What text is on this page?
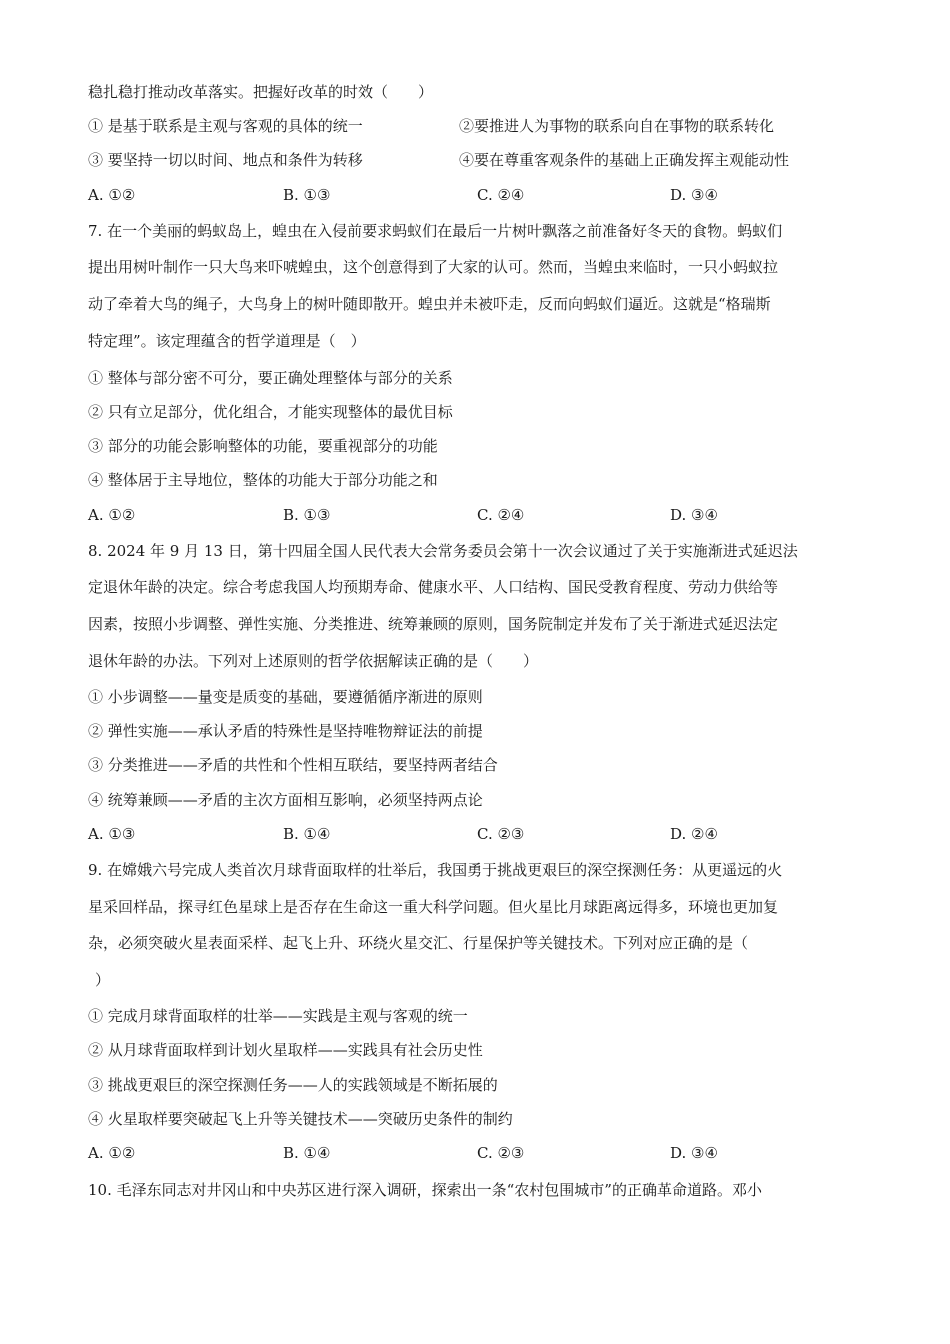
稳扎稳打推动改革落实。把握好改革的时效（　　）
① 是基于联系是主观与客观的具体的统一	②要推进人为事物的联系向自在事物的联系转化
③ 要坚持一切以时间、地点和条件为转移	④要在尊重客观条件的基础上正确发挥主观能动性
A. ①②	B. ①③	C. ②④	D. ③④
7. 在一个美丽的蚂蚁岛上，蝗虫在入侵前要求蚂蚁们在最后一片树叶飘落之前准备好冬天的食物。蚂蚁们
提出用树叶制作一只大鸟来吓唬蝗虫，这个创意得到了大家的认可。然而，当蝗虫来临时，一只小蚂蚁拉
动了牵着大鸟的绳子，大鸟身上的树叶随即散开。蝗虫并未被吓走，反而向蚂蚁们逼近。这就是“格瑞斯
特定理”。该定理蕴含的哲学道理是（　）
① 整体与部分密不可分，要正确处理整体与部分的关系
② 只有立足部分，优化组合，才能实现整体的最优目标
③ 部分的功能会影响整体的功能，要重视部分的功能
④ 整体居于主导地位，整体的功能大于部分功能之和
A. ①②	B. ①③	C. ②④	D. ③④
8. 2024 年 9 月 13 日，第十四届全国人民代表大会常务委员会第十一次会议通过了关于实施渐进式延迟法
定退休年龄的决定。综合考虑我国人均预期寿命、健康水平、人口结构、国民受教育程度、劳动力供给等
因素，按照小步调整、弹性实施、分类推进、统筹兼顾的原则，国务院制定并发布了关于渐进式延迟法定
退休年龄的办法。下列对上述原则的哲学依据解读正确的是（　　）
① 小步调整——量变是质变的基础，要遵循循序渐进的原则
② 弹性实施——承认矛盾的特殊性是坚持唯物辩证法的前提
③ 分类推进——矛盾的共性和个性相互联结，要坚持两者结合
④ 统筹兼顾——矛盾的主次方面相互影响，必须坚持两点论
A. ①③	B. ①④	C. ②③	D. ②④
9. 在嫦娥六号完成人类首次月球背面取样的壮举后，我国勇于挑战更艰巨的深空探测任务：从更遥远的火
星采回样品，探寻红色星球上是否存在生命这一重大科学问题。但火星比月球距离远得多，环境也更加复
杂，必须突破火星表面采样、起飞上升、环绕火星交汇、行星保护等关键技术。下列对应正确的是（
）
① 完成月球背面取样的壮举——实践是主观与客观的统一
② 从月球背面取样到计划火星取样——实践具有社会历史性
③ 挑战更艰巨的深空探测任务——人的实践领域是不断拓展的
④ 火星取样要突破起飞上升等关键技术——突破历史条件的制约
A. ①②	B. ①④	C. ②③	D. ③④
10. 毛泽东同志对井冈山和中央苏区进行深入调研，探索出一条“农村包围城市”的正确革命道路。邓小
